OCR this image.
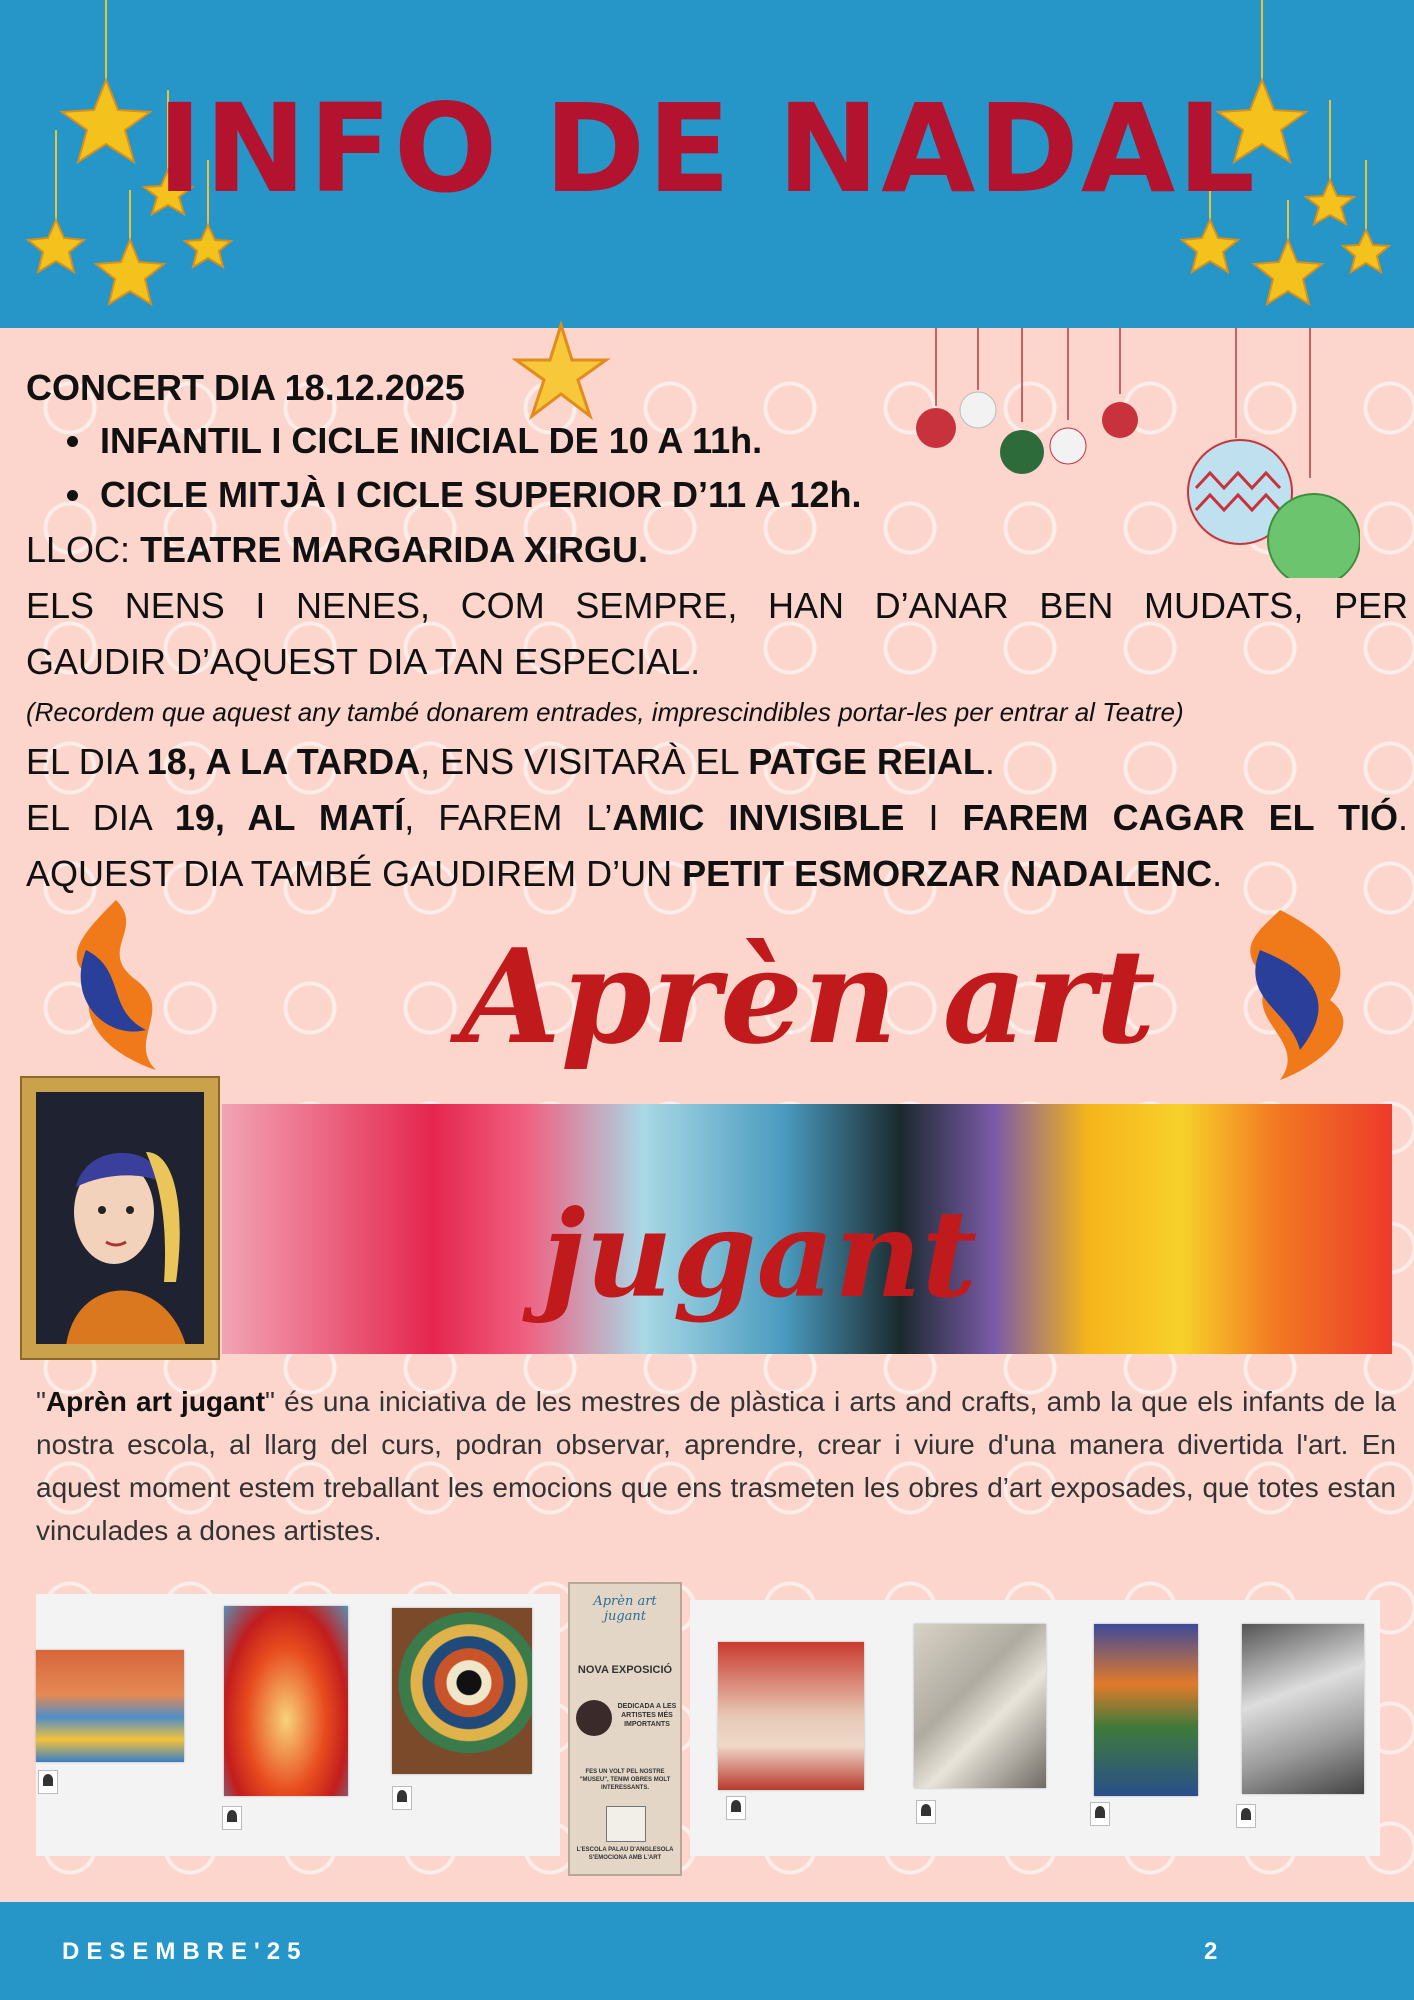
INFO DE NADAL
CONCERT DIA 18.12.2025
• INFANTIL I CICLE INICIAL DE 10 A 11h.
• CICLE MITJÀ I CICLE SUPERIOR D’11 A 12h.
LLOC: TEATRE MARGARIDA XIRGU.
ELS NENS I NENES, COM SEMPRE, HAN D’ANAR BEN MUDATS, PER
GAUDIR D’AQUEST DIA TAN ESPECIAL.
(Recordem que aquest any també donarem entrades, imprescindibles portar-les per entrar al Teatre)
EL DIA 18, A LA TARDA, ENS VISITARÀ EL PATGE REIAL.
EL DIA 19, AL MATÍ, FAREM L’AMIC INVISIBLE I FAREM CAGAR EL TIÓ.
AQUEST DIA TAMBÉ GAUDIREM D’UN PETIT ESMORZAR NADALENC.
Aprèn art
jugant
"Aprèn art jugant" és una iniciativa de les mestres de plàstica i arts and crafts, amb la que els infants de la nostra escola, al llarg del curs, podran observar, aprendre, crear i viure d'una manera divertida l'art. En aquest moment estem treballant les emocions que ens trasmeten les obres d’art exposades, que totes estan vinculades a dones artistes.
Aprèn art
jugant
NOVA EXPOSICIÓ
DEDICADA A LES ARTISTES MÉS IMPORTANTS
FES UN VOLT PEL NOSTRE "MUSEU", TENIM OBRES MOLT INTERESSANTS.
L'ESCOLA PALAU D'ANGLESOLA S'EMOCIONA AMB L'ART
DESEMBRE'25	2
